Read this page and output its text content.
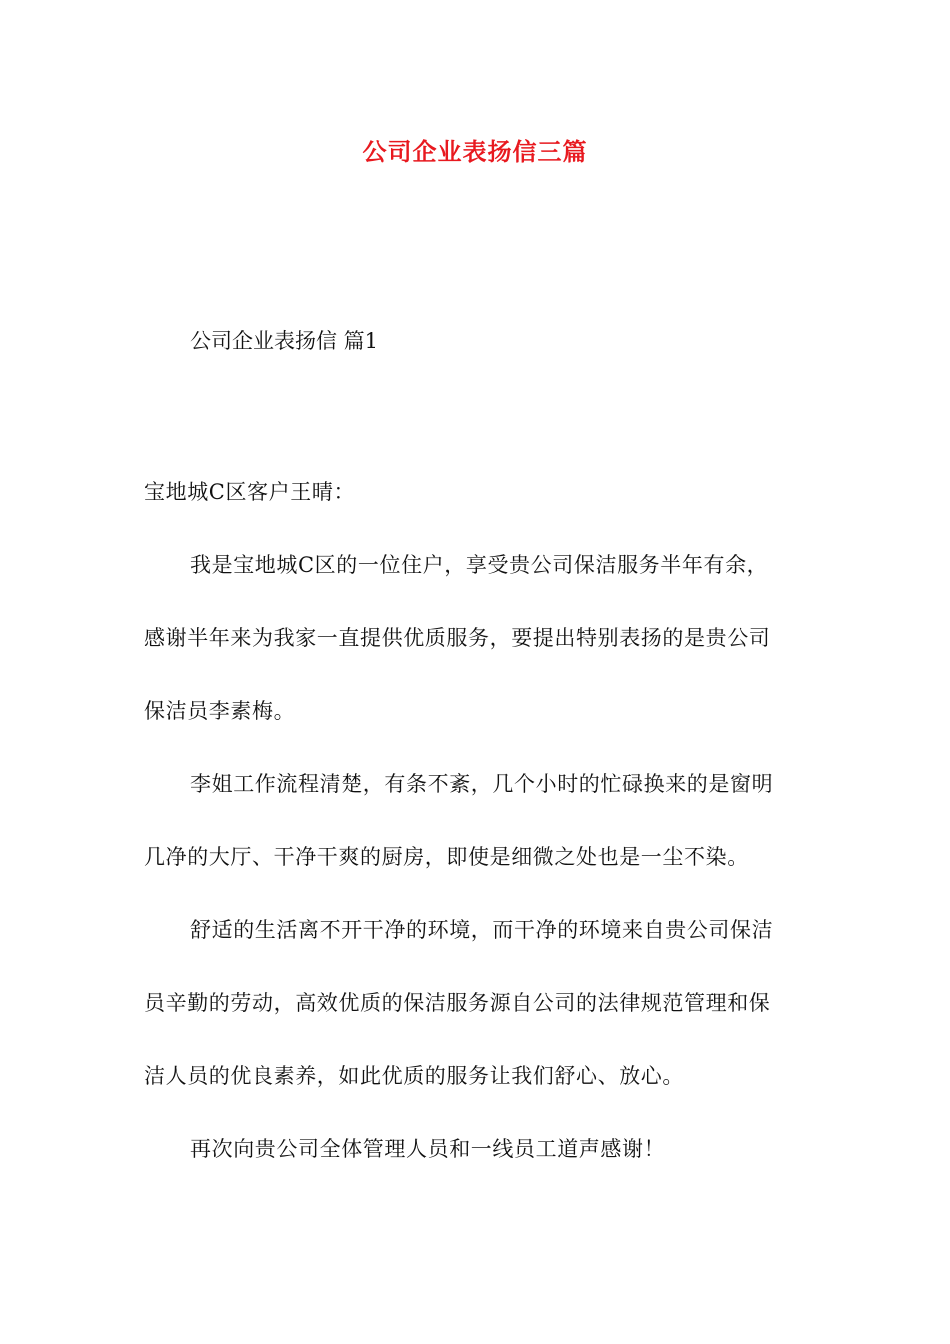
公司企业表扬信三篇
公司企业表扬信 篇1
宝地城C区客户王晴：
我是宝地城C区的一位住户，享受贵公司保洁服务半年有余，
感谢半年来为我家一直提供优质服务，要提出特别表扬的是贵公司
保洁员李素梅。
李姐工作流程清楚，有条不紊，几个小时的忙碌换来的是窗明
几净的大厅、干净干爽的厨房，即使是细微之处也是一尘不染。
舒适的生活离不开干净的环境，而干净的环境来自贵公司保洁
员辛勤的劳动，高效优质的保洁服务源自公司的法律规范管理和保
洁人员的优良素养，如此优质的服务让我们舒心、放心。
再次向贵公司全体管理人员和一线员工道声感谢！
